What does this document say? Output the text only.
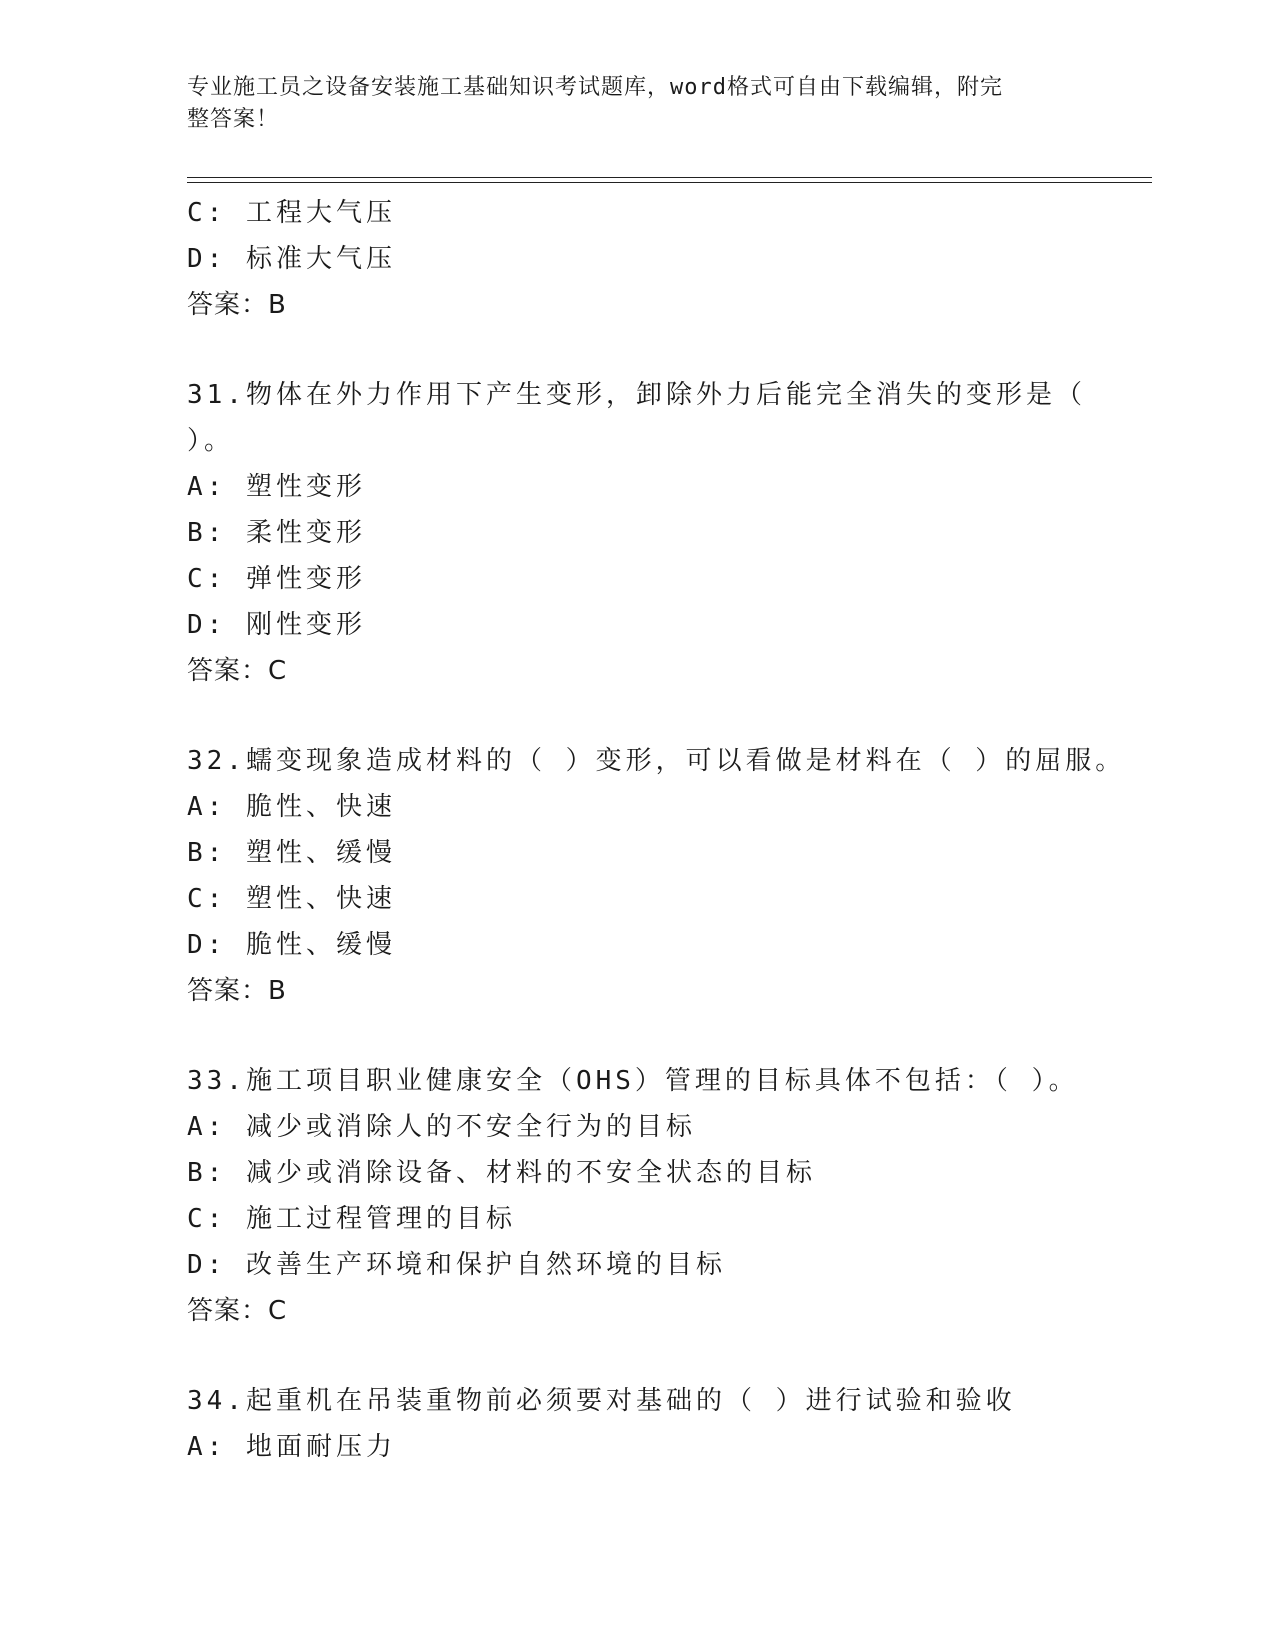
专业施工员之设备安装施工基础知识考试题库，word格式可自由下载编辑，附完
整答案！
C: 工程大气压
D: 标准大气压
答案：B
31.物体在外力作用下产生变形，卸除外力后能完全消失的变形是（
）。
A: 塑性变形
B: 柔性变形
C: 弹性变形
D: 刚性变形
答案：C
32.蠕变现象造成材料的（ ）变形，可以看做是材料在（ ）的屈服。
A: 脆性、快速
B: 塑性、缓慢
C: 塑性、快速
D: 脆性、缓慢
答案：B
33.施工项目职业健康安全（OHS）管理的目标具体不包括：（ ）。
A: 减少或消除人的不安全行为的目标
B: 减少或消除设备、材料的不安全状态的目标
C: 施工过程管理的目标
D: 改善生产环境和保护自然环境的目标
答案：C
34.起重机在吊装重物前必须要对基础的（ ）进行试验和验收
A: 地面耐压力
